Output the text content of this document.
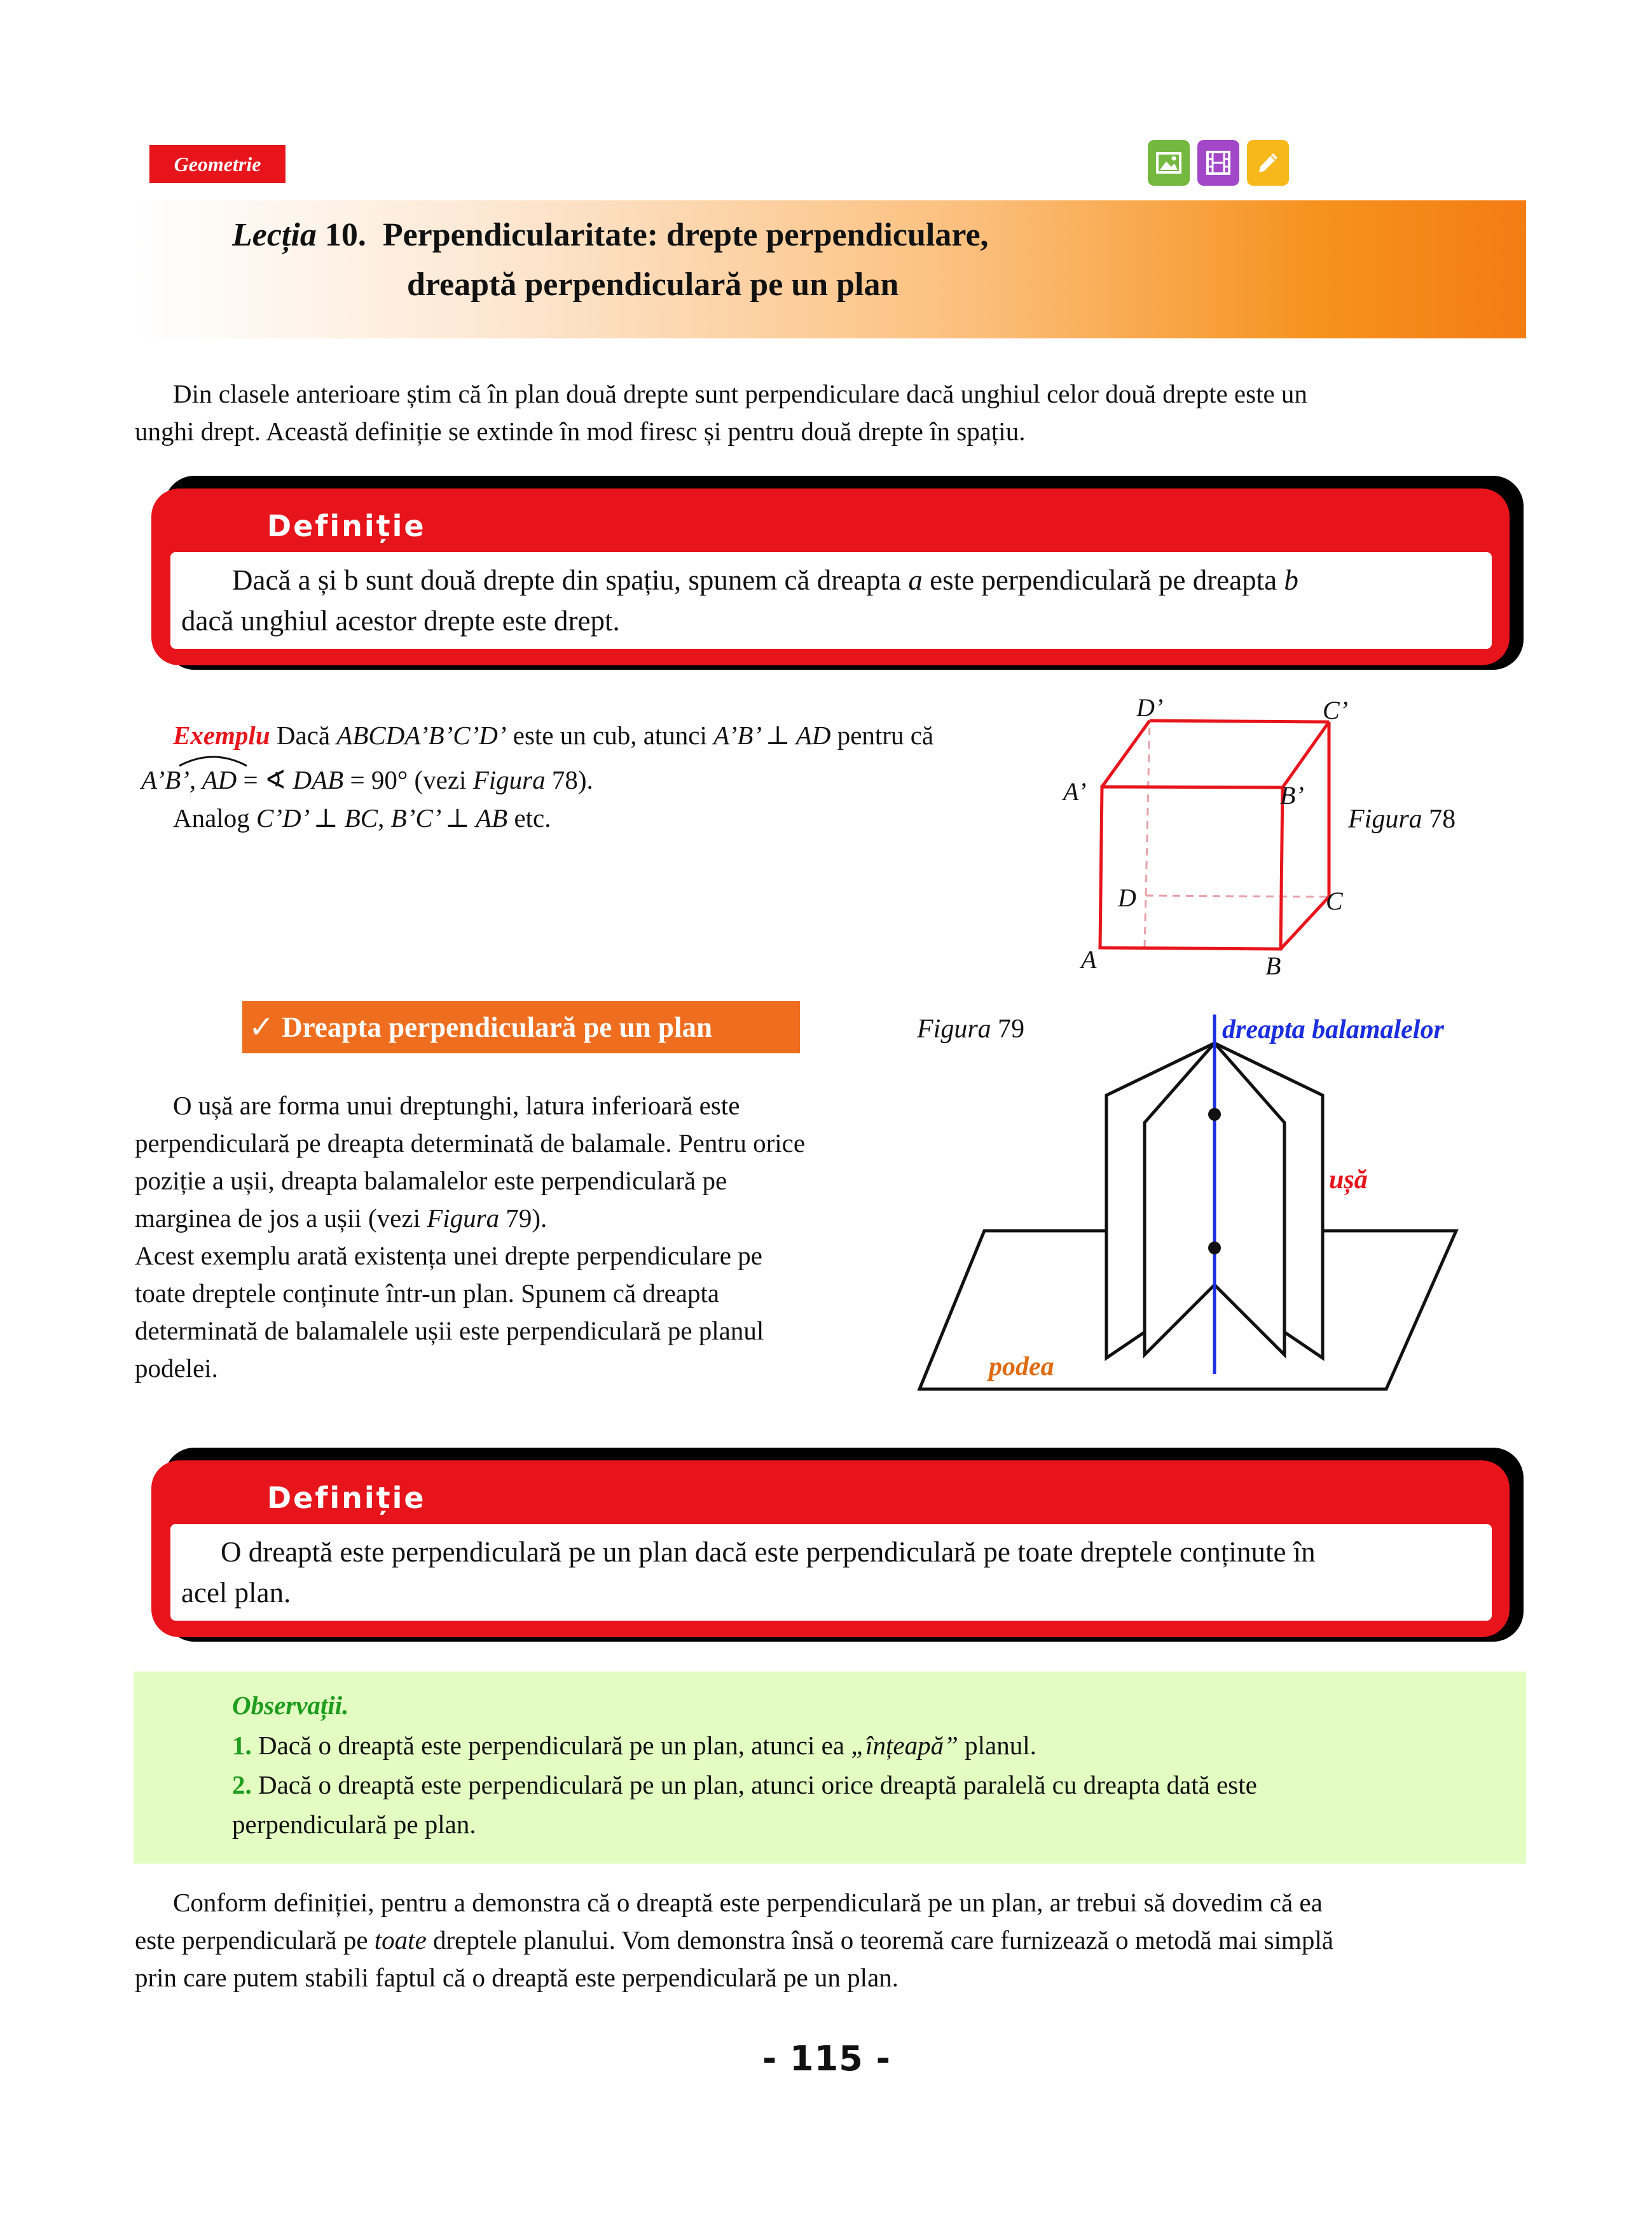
Geometrie
Lecția 10. Perpendicularitate: drepte perpendiculare,
dreaptă perpendiculară pe un plan
Din clasele anterioare știm că în plan două drepte sunt perpendiculare dacă unghiul celor două drepte este un
unghi drept. Această definiție se extinde în mod firesc și pentru două drepte în spațiu.
Definiție
Dacă a și b sunt două drepte din spațiu, spunem că dreapta a este perpendiculară pe dreapta b
dacă unghiul acestor drepte este drept.
Exemplu Dacă ABCDA’B’C’D’ este un cub, atunci A’B’ ⊥ AD pentru că
A’B’, AD = ∢ DAB = 90° (vezi Figura 78).
Analog C’D’ ⊥ BC, B’C’ ⊥ AB etc.
D’	C’
A’	B’
D	C
A	B
Figura 78
✓ Dreapta perpendiculară pe un plan	Figura 79
O ușă are forma unui dreptunghi, latura inferioară este
perpendiculară pe dreapta determinată de balamale. Pentru orice
poziție a ușii, dreapta balamalelor este perpendiculară pe
marginea de jos a ușii (vezi Figura 79).
Acest exemplu arată existența unei drepte perpendiculare pe
toate dreptele conținute într-un plan. Spunem că dreapta
determinată de balamalele ușii este perpendiculară pe planul
podelei.
dreapta balamalelor
ușă
podea
Definiție
O dreaptă este perpendiculară pe un plan dacă este perpendiculară pe toate dreptele conținute în
acel plan.
Observații.
1. Dacă o dreaptă este perpendiculară pe un plan, atunci ea „înțeapă” planul.
2. Dacă o dreaptă este perpendiculară pe un plan, atunci orice dreaptă paralelă cu dreapta dată este
perpendiculară pe plan.
Conform definiției, pentru a demonstra că o dreaptă este perpendiculară pe un plan, ar trebui să dovedim că ea
este perpendiculară pe toate dreptele planului. Vom demonstra însă o teoremă care furnizează o metodă mai simplă
prin care putem stabili faptul că o dreaptă este perpendiculară pe un plan.
- 115 -
